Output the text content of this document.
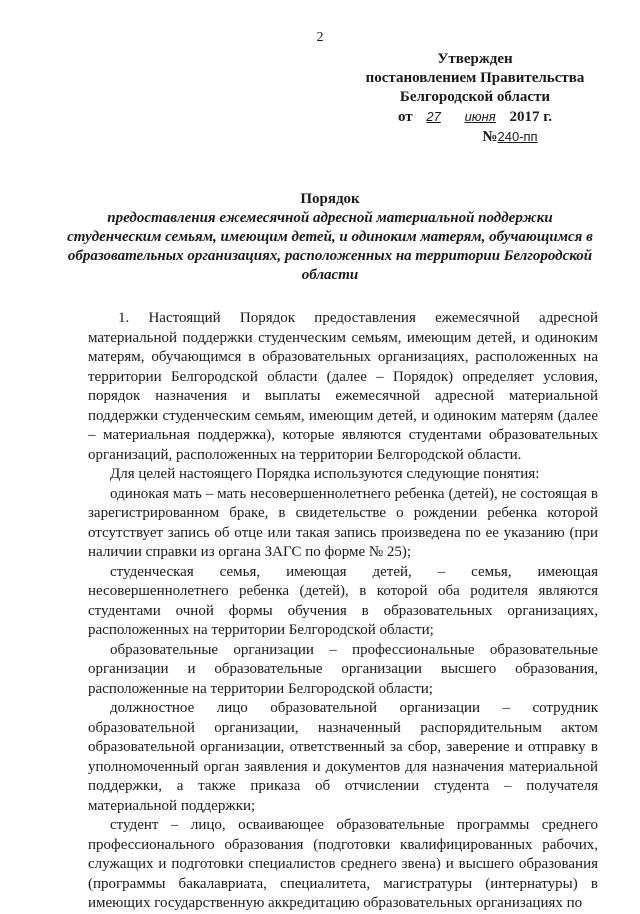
2
Утвержден
постановлением Правительства
Белгородской области
от 27 июня 2017 г.
№240-пп
Порядок
предоставления ежемесячной адресной материальной поддержки студенческим семьям, имеющим детей, и одиноким матерям, обучающимся в образовательных организациях, расположенных на территории Белгородской области

1. Настоящий Порядок предоставления ежемесячной адресной материальной поддержки студенческим семьям, имеющим детей, и одиноким матерям, обучающимся в образовательных организациях, расположенных на территории Белгородской области (далее – Порядок) определяет условия, порядок назначения и выплаты ежемесячной адресной материальной поддержки студенческим семьям, имеющим детей, и одиноким матерям (далее – материальная поддержка), которые являются студентами образовательных организаций, расположенных на территории Белгородской области.

Для целей настоящего Порядка используются следующие понятия:

одинокая мать – мать несовершеннолетнего ребенка (детей), не состоящая в зарегистрированном браке, в свидетельстве о рождении ребенка которой отсутствует запись об отце или такая запись произведена по ее указанию (при наличии справки из органа ЗАГС по форме № 25);

студенческая семья, имеющая детей, – семья, имеющая несовершеннолетнего ребенка (детей), в которой оба родителя являются студентами очной формы обучения в образовательных организациях, расположенных на территории Белгородской области;

образовательные организации – профессиональные образовательные организации и образовательные организации высшего образования, расположенные на территории Белгородской области;

должностное лицо образовательной организации – сотрудник образовательной организации, назначенный распорядительным актом образовательной организации, ответственный за сбор, заверение и отправку в уполномоченный орган заявления и документов для назначения материальной поддержки, а также приказа об отчислении студента – получателя материальной поддержки;

студент – лицо, осваивающее образовательные программы среднего профессионального образования (подготовки квалифицированных рабочих, служащих и подготовки специалистов среднего звена) и высшего образования (программы бакалавриата, специалитета, магистратуры (интернатуры) в имеющих государственную аккредитацию образовательных организациях по
